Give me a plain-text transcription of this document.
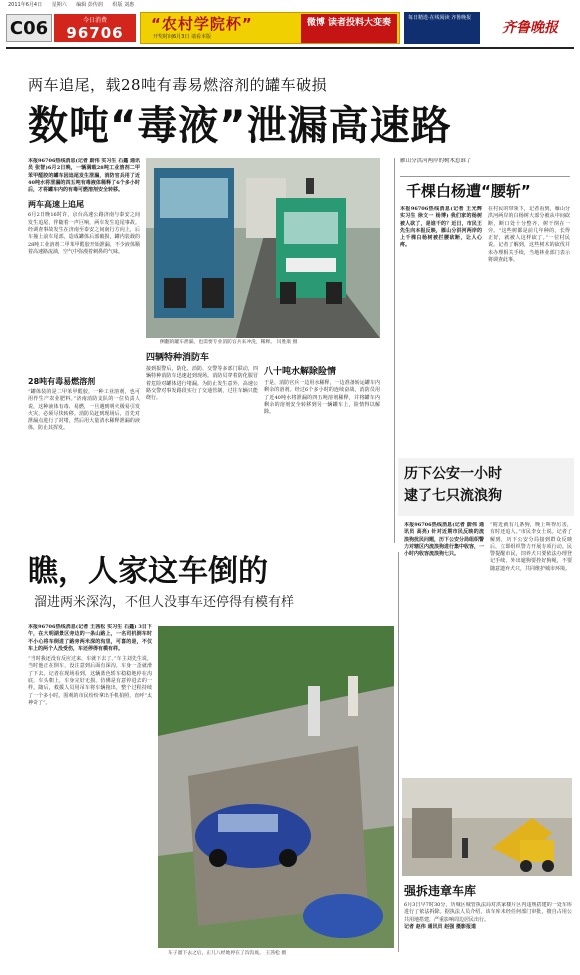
2011年6月4日 星期六 编辑 彭传润 组版 刘惠
C06	今日消费
96706	“农村学院杯”
开奖时间6月3日 请看本版
微博 读者投料大变奏	每日精选·在线阅读 齐鲁晚报
齐鲁晚报
两车追尾，载28吨有毒易燃溶剂的罐车破损
数吨“毒液”泄漏高速路

本报96706热线消息(记者 蔚伟 实习生 石鑫 通讯员 张智)6月2日晚，一辆满载28吨工业溶剂二甲苯甲醛胶的罐车因追尾发生泄漏，消防官兵用了近40吨水将泄漏的四五吨有毒液体稀释了6个多小时后，才将罐车内的有毒可燃溶剂安全转移。

两车高速上追尾

6月2日晚16时许，京台高速公路济南与泰安之间发生追尾，伴随着一声巨响，两车发生追尾事故。经调查事故发生在济南至泰安之间南行方向上，后车撞上前车尾部，造成罐体后部破损，罐内装载的28吨工业溶剂二甲苯甲醛胶开始泄漏，不少液体顺着高速路流淌，空气中弥漫着刺鼻的气味。

28吨有毒易燃溶剂

“罐体装的是二甲苯甲醛胶，一种工业溶剂，也可用作生产农业肥料。”济南消防支队的一位负责人说，这种液体有毒、易燃，一旦遇到明火极易引发火灾，必须尽快转移。消防员赶到现场后，首先对泄漏点进行了封堵，然后用大量清水稀释泄漏的液体，防止其挥发。

侧翻的罐车泄漏，也需要专业消防官兵来冲洗，稀释。 闫胜康 摄

四辆特种消防车

接到报警后，防化、消防、交警等多部门联动，四辆特种消防车迅速赶到现场。消防员穿着防化服冒着危险对罐体进行堵漏。为防止发生意外，高速公路交警对事发路段实行了交通管制，过往车辆只能绕行。

八十吨水解除险情

于是，消防官兵一边用水稀释，一边准备转运罐车内剩余的溶剂。经过6个多小时的连续奋战，消防员用了近40吨水将泄漏的四五吨溶剂稀释，并将罐车内剩余的溶剂安全转移到另一辆罐车上，险情得以解除。

雁山分洪河两岸的树木惹谁了
千棵白杨遭“腰斩”

本报96706热线消息(记者 王光辉 实习生 徐文一 杨博) 我们家的杨树被人砍了，是谁干的？近日，市民王先生向本报反映，雁山分洪河两岸的上千棵白杨树被拦腰砍断，让人心疼。

在村民的带领下，记者看到，雁山分洪河两岸的白杨树大部分被从中间砍断，断口处十分整齐，树干倒在一旁。“这些树都是前几年种的，长得正好，就被人这样砍了。”一位村民说。记者了解到，这些树木的砍伐并未办理相关手续，当地林业部门表示将调查此事。

历下公安一小时
逮了七只流浪狗
瞧，人家这车倒的
溜进两米深沟，不但人没事车还停得有模有样

本报96706热线消息(记者 王茜松 实习生 石鑫) 3日下午，在大明湖景区旁边的一条山路上，一名司机倒车时不小心将车倒进了路旁两米深的沟里，可喜的是，不仅车上的两个人没受伤，车还停得有模有样。

“当时我还没有反应过来，车就下去了。”车主刘先生说，当时他正在倒车，没注意到后面有深沟，车身一歪就滑了下去。记者在现场看到，这辆蓝色轿车稳稳地停在沟底，车头朝上，车身完好无损，仿佛是有意停进去的一样。随后，救援人员用吊车将车辆拖出，整个过程持续了一个多小时。围观的市民纷纷拿出手机拍照，直呼“太神奇了”。

车子溜下去之后，正儿八经地停在了沟沟底。 王茜松 摄

本报96706热线消息(记者 蔚伟 通讯员 高亮) 针对近期市民反映的流浪狗扰民问题，历下公安分局组织警力对辖区内流浪狗进行集中收容，一小时内收容流浪狗七只。

“附近就有几条狗，晚上叫得厉害，有时还追人。”市民李女士说。记者了解到，历下公安分局接到群众反映后，立即组织警力开展专项行动。民警提醒市民，饲养犬只要依法办理登记手续，外出遛狗要拴好狗绳，不要随意遗弃犬只，共同维护城市环境。

强拆违章车库

6月3日早7时30分，历城区城管执法局对洪家楼片区内违规搭建的一处车库进行了依法拆除。据执法人员介绍，该车库未经任何部门审批，擅自占用公共用地搭建，严重影响周边居民出行。

记者 赵伟 通讯员 赵强 摄影报道
